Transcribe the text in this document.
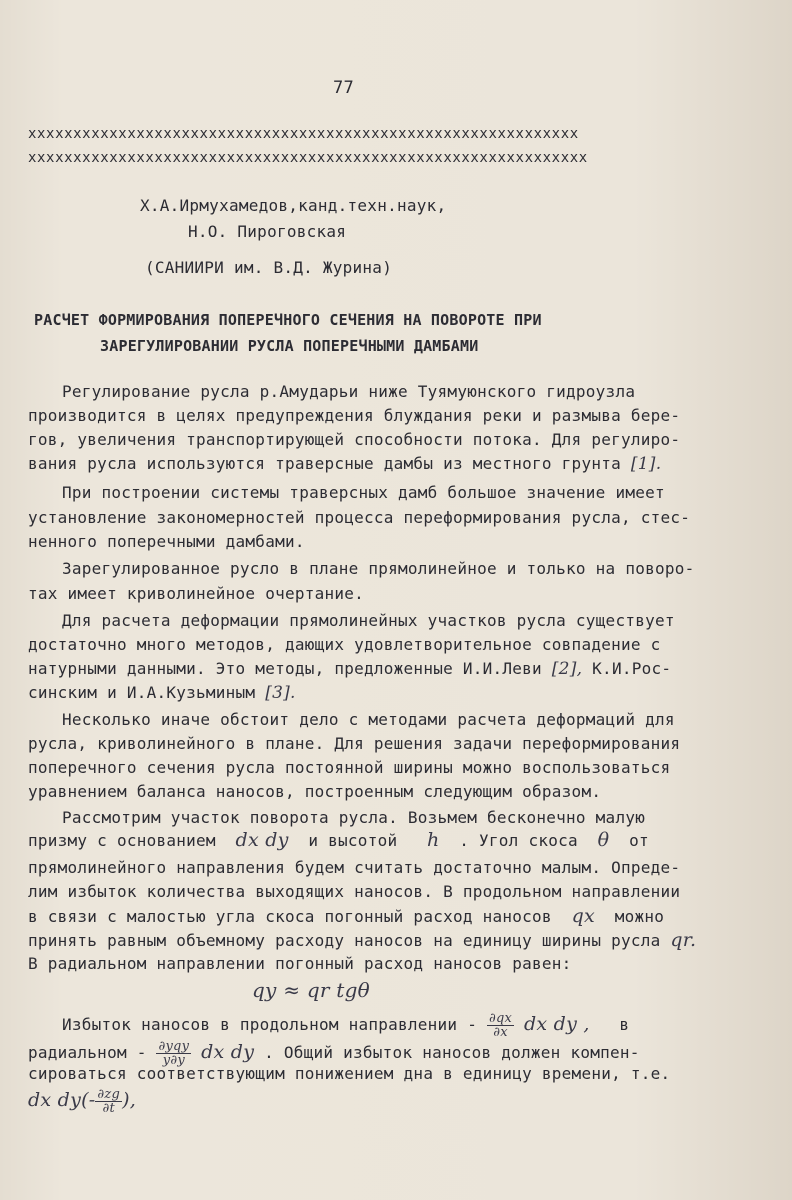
77
ххххххххххххххххххххххххххххххххххххххххххххххххххххххххххххх
хххххххххххххххххххххххххххххххххххххххххххххххххххххххххххххх
Х.А.Ирмухамедов,канд.техн.наук,
Н.О. Пироговская
(САНИИРИ им. В.Д. Журина)
РАСЧЕТ ФОРМИРОВАНИЯ ПОПЕРЕЧНОГО СЕЧЕНИЯ НА ПОВОРОТЕ ПРИ
ЗАРЕГУЛИРОВАНИИ РУСЛА ПОПЕРЕЧНЫМИ ДАМБАМИ
Регулирование русла р.Амударьи ниже Туямуюнского гидроузла
производится в целях предупреждения блуждания реки и размыва бере-
гов, увеличения транспортирующей способности потока. Для регулиро-
вания русла используются траверсные дамбы из местного грунта [1].
При построении системы траверсных дамб большое значение имеет
установление закономерностей процесса переформирования русла, стес-
ненного поперечными дамбами.
Зарегулированное русло в плане прямолинейное и только на поворо-
тах имеет криволинейное очертание.
Для расчета деформации прямолинейных участков русла существует
достаточно много методов, дающих удовлетворительное совпадение с
натурными данными. Это методы, предложенные И.И.Леви [2], К.И.Рос-
синским и И.А.Кузьминым [3].
Несколько иначе обстоит дело с методами расчета деформаций для
русла, криволинейного в плане. Для решения задачи переформирования
поперечного сечения русла постоянной ширины можно воспользоваться
уравнением баланса наносов, построенным следующим образом.
Рассмотрим участок поворота русла. Возьмем бесконечно малую
призму с основанием dx dy и высотой h . Угол скоса θ от
прямолинейного направления будем считать достаточно малым. Опреде-
лим избыток количества выходящих наносов. В продольном направлении
в связи с малостью угла скоса погонный расход наносов qx можно
принять равным объемному расходу наносов на единицу ширины русла qr.
В радиальном направлении погонный расход наносов равен:
qy ≈ qr tgθ
Избыток наносов в продольном направлении - $\frac{\partial qx}{\partial x}$ dx dy , в
радиальном - $\frac{\text{∂yqy}}{y\partial y}$ dx dy . Общий избыток наносов должен компен-
сироваться соответствующим понижением дна в единицу времени, т.е.
dx $dy(- \frac{\partial zg}{\partial t}$ ),
